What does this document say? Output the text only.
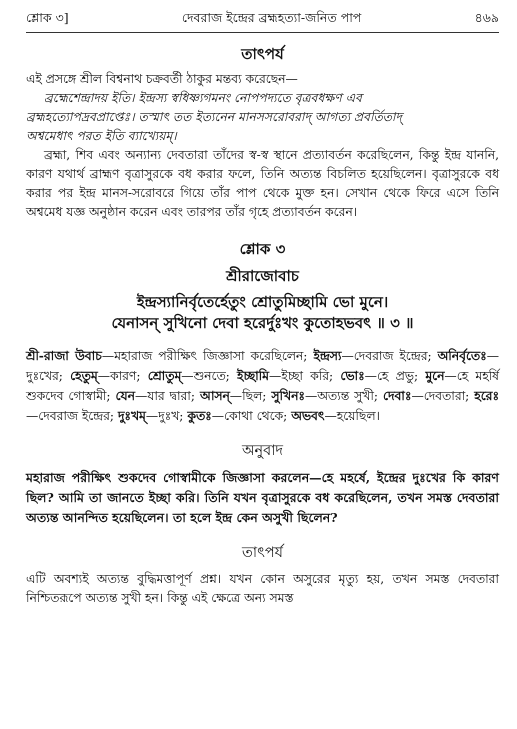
শ্লোক ৩]	দেবরাজ ইন্দ্রের ব্রহ্মহত্যা-জনিত পাপ	৪৬৯
তাৎপর্য

এই প্রসঙ্গে শ্রীল বিশ্বনাথ চক্রবর্তী ঠাকুর মন্তব্য করেছেন—

ব্রহ্মেশেন্দ্রাদয় ইতি। ইন্দ্রস্য স্বধিষ্ণ্যগমনং নোপপদ্যতে বৃত্রবধক্ষণ এব

ব্রহ্মহত্যোপদ্রবপ্রাপ্তেঃ। তস্মাৎ তত ইত্যনেন মানসসরোবরাদ্ আগত্য প্রবর্তিতাদ্

অশ্বমেধাৎ পরত ইতি ব্যাখ্যেয়ম্।

ব্রহ্মা, শিব এবং অন্যান্য দেবতারা তাঁদের স্ব-স্ব স্থানে প্রত্যাবর্তন করেছিলেন, কিন্তু ইন্দ্র যাননি, কারণ যথার্থ ব্রাহ্মণ বৃত্রাসুরকে বধ করার ফলে, তিনি অত্যন্ত বিচলিত হয়েছিলেন। বৃত্রাসুরকে বধ করার পর ইন্দ্র মানস-সরোবরে গিয়ে তাঁর পাপ থেকে মুক্ত হন। সেখান থেকে ফিরে এসে তিনি অশ্বমেধ যজ্ঞ অনুষ্ঠান করেন এবং তারপর তাঁর গৃহে প্রত্যাবর্তন করেন।

শ্লোক ৩
শ্রীরাজোবাচ

ইন্দ্রস্যানির্বৃতের্হেতুং শ্রোতুমিচ্ছামি ভো মুনে।

যেনাসন্ সুখিনো দেবা হরের্দুঃখং কুতোহভবৎ ॥ ৩ ॥

শ্রী-রাজা উবাচ—মহারাজ পরীক্ষিৎ জিজ্ঞাসা করেছিলেন; ইন্দ্রস্য—দেবরাজ ইন্দ্রের; অনির্বৃতেঃ—দুঃখের; হেতুম্—কারণ; শ্রোতুম্—শুনতে; ইচ্ছামি—ইচ্ছা করি; ভোঃ—হে প্রভু; মুনে—হে মহর্ষি শুকদেব গোস্বামী; যেন—যার দ্বারা; আসন্—ছিল; সুখিনঃ—অত্যন্ত সুখী; দেবাঃ—দেবতারা; হরেঃ—দেবরাজ ইন্দ্রের; দুঃখম্—দুঃখ; কুতঃ—কোথা থেকে; অভবৎ—হয়েছিল।

অনুবাদ

মহারাজ পরীক্ষিৎ শুকদেব গোস্বামীকে জিজ্ঞাসা করলেন—হে মহর্ষে, ইন্দ্রের দুঃখের কি কারণ ছিল? আমি তা জানতে ইচ্ছা করি। তিনি যখন বৃত্রাসুরকে বধ করেছিলেন, তখন সমস্ত দেবতারা অত্যন্ত আনন্দিত হয়েছিলেন। তা হলে ইন্দ্র কেন অসুখী ছিলেন?

তাৎপর্য

এটি অবশ্যই অত্যন্ত বুদ্ধিমত্তাপূর্ণ প্রশ্ন। যখন কোন অসুরের মৃত্যু হয়, তখন সমস্ত দেবতারা নিশ্চিতরূপে অত্যন্ত সুখী হন। কিন্তু এই ক্ষেত্রে অন্য সমস্ত
